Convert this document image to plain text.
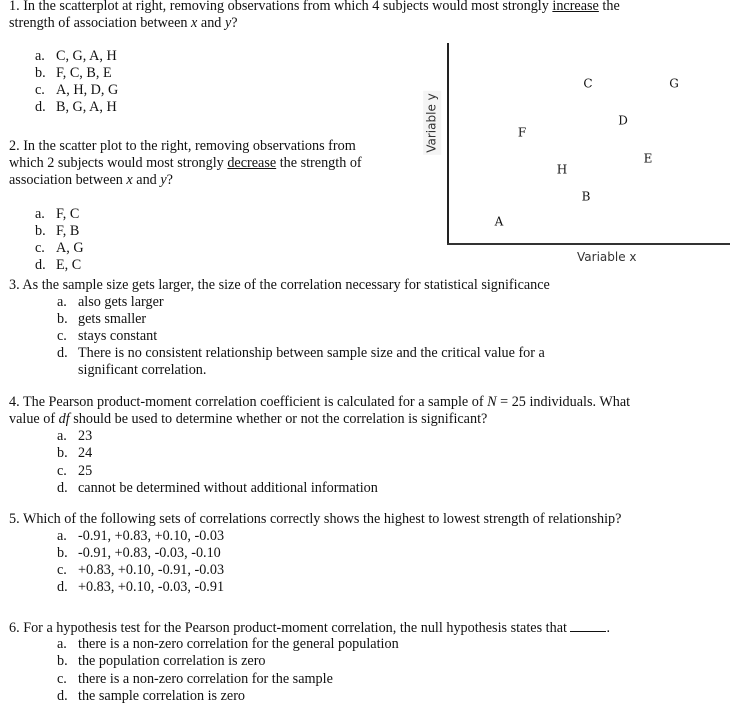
1. In the scatterplot at right, removing observations from which 4 subjects would most strongly increase the
strength of association between x and y?
a. C, G, A, H
b. F, C, B, E
c. A, H, D, G
d. B, G, A, H
2. In the scatter plot to the right, removing observations from
which 2 subjects would most strongly decrease the strength of
association between x and y?
a. F, C
b. F, B
c. A, G
d. E, C
Variable y
Variable x
A
F
H
B
C
D
E
G
3. As the sample size gets larger, the size of the correlation necessary for statistical significance
a. also gets larger
b. gets smaller
c. stays constant
d. There is no consistent relationship between sample size and the critical value for a
significant correlation.
4. The Pearson product-moment correlation coefficient is calculated for a sample of N = 25 individuals. What
value of df should be used to determine whether or not the correlation is significant?
a. 23
b. 24
c. 25
d. cannot be determined without additional information
5. Which of the following sets of correlations correctly shows the highest to lowest strength of relationship?
a. -0.91, +0.83, +0.10, -0.03
b. -0.91, +0.83, -0.03, -0.10
c. +0.83, +0.10, -0.91, -0.03
d. +0.83, +0.10, -0.03, -0.91
6. For a hypothesis test for the Pearson product-moment correlation, the null hypothesis states that	.
a. there is a non-zero correlation for the general population
b. the population correlation is zero
c. there is a non-zero correlation for the sample
d. the sample correlation is zero
